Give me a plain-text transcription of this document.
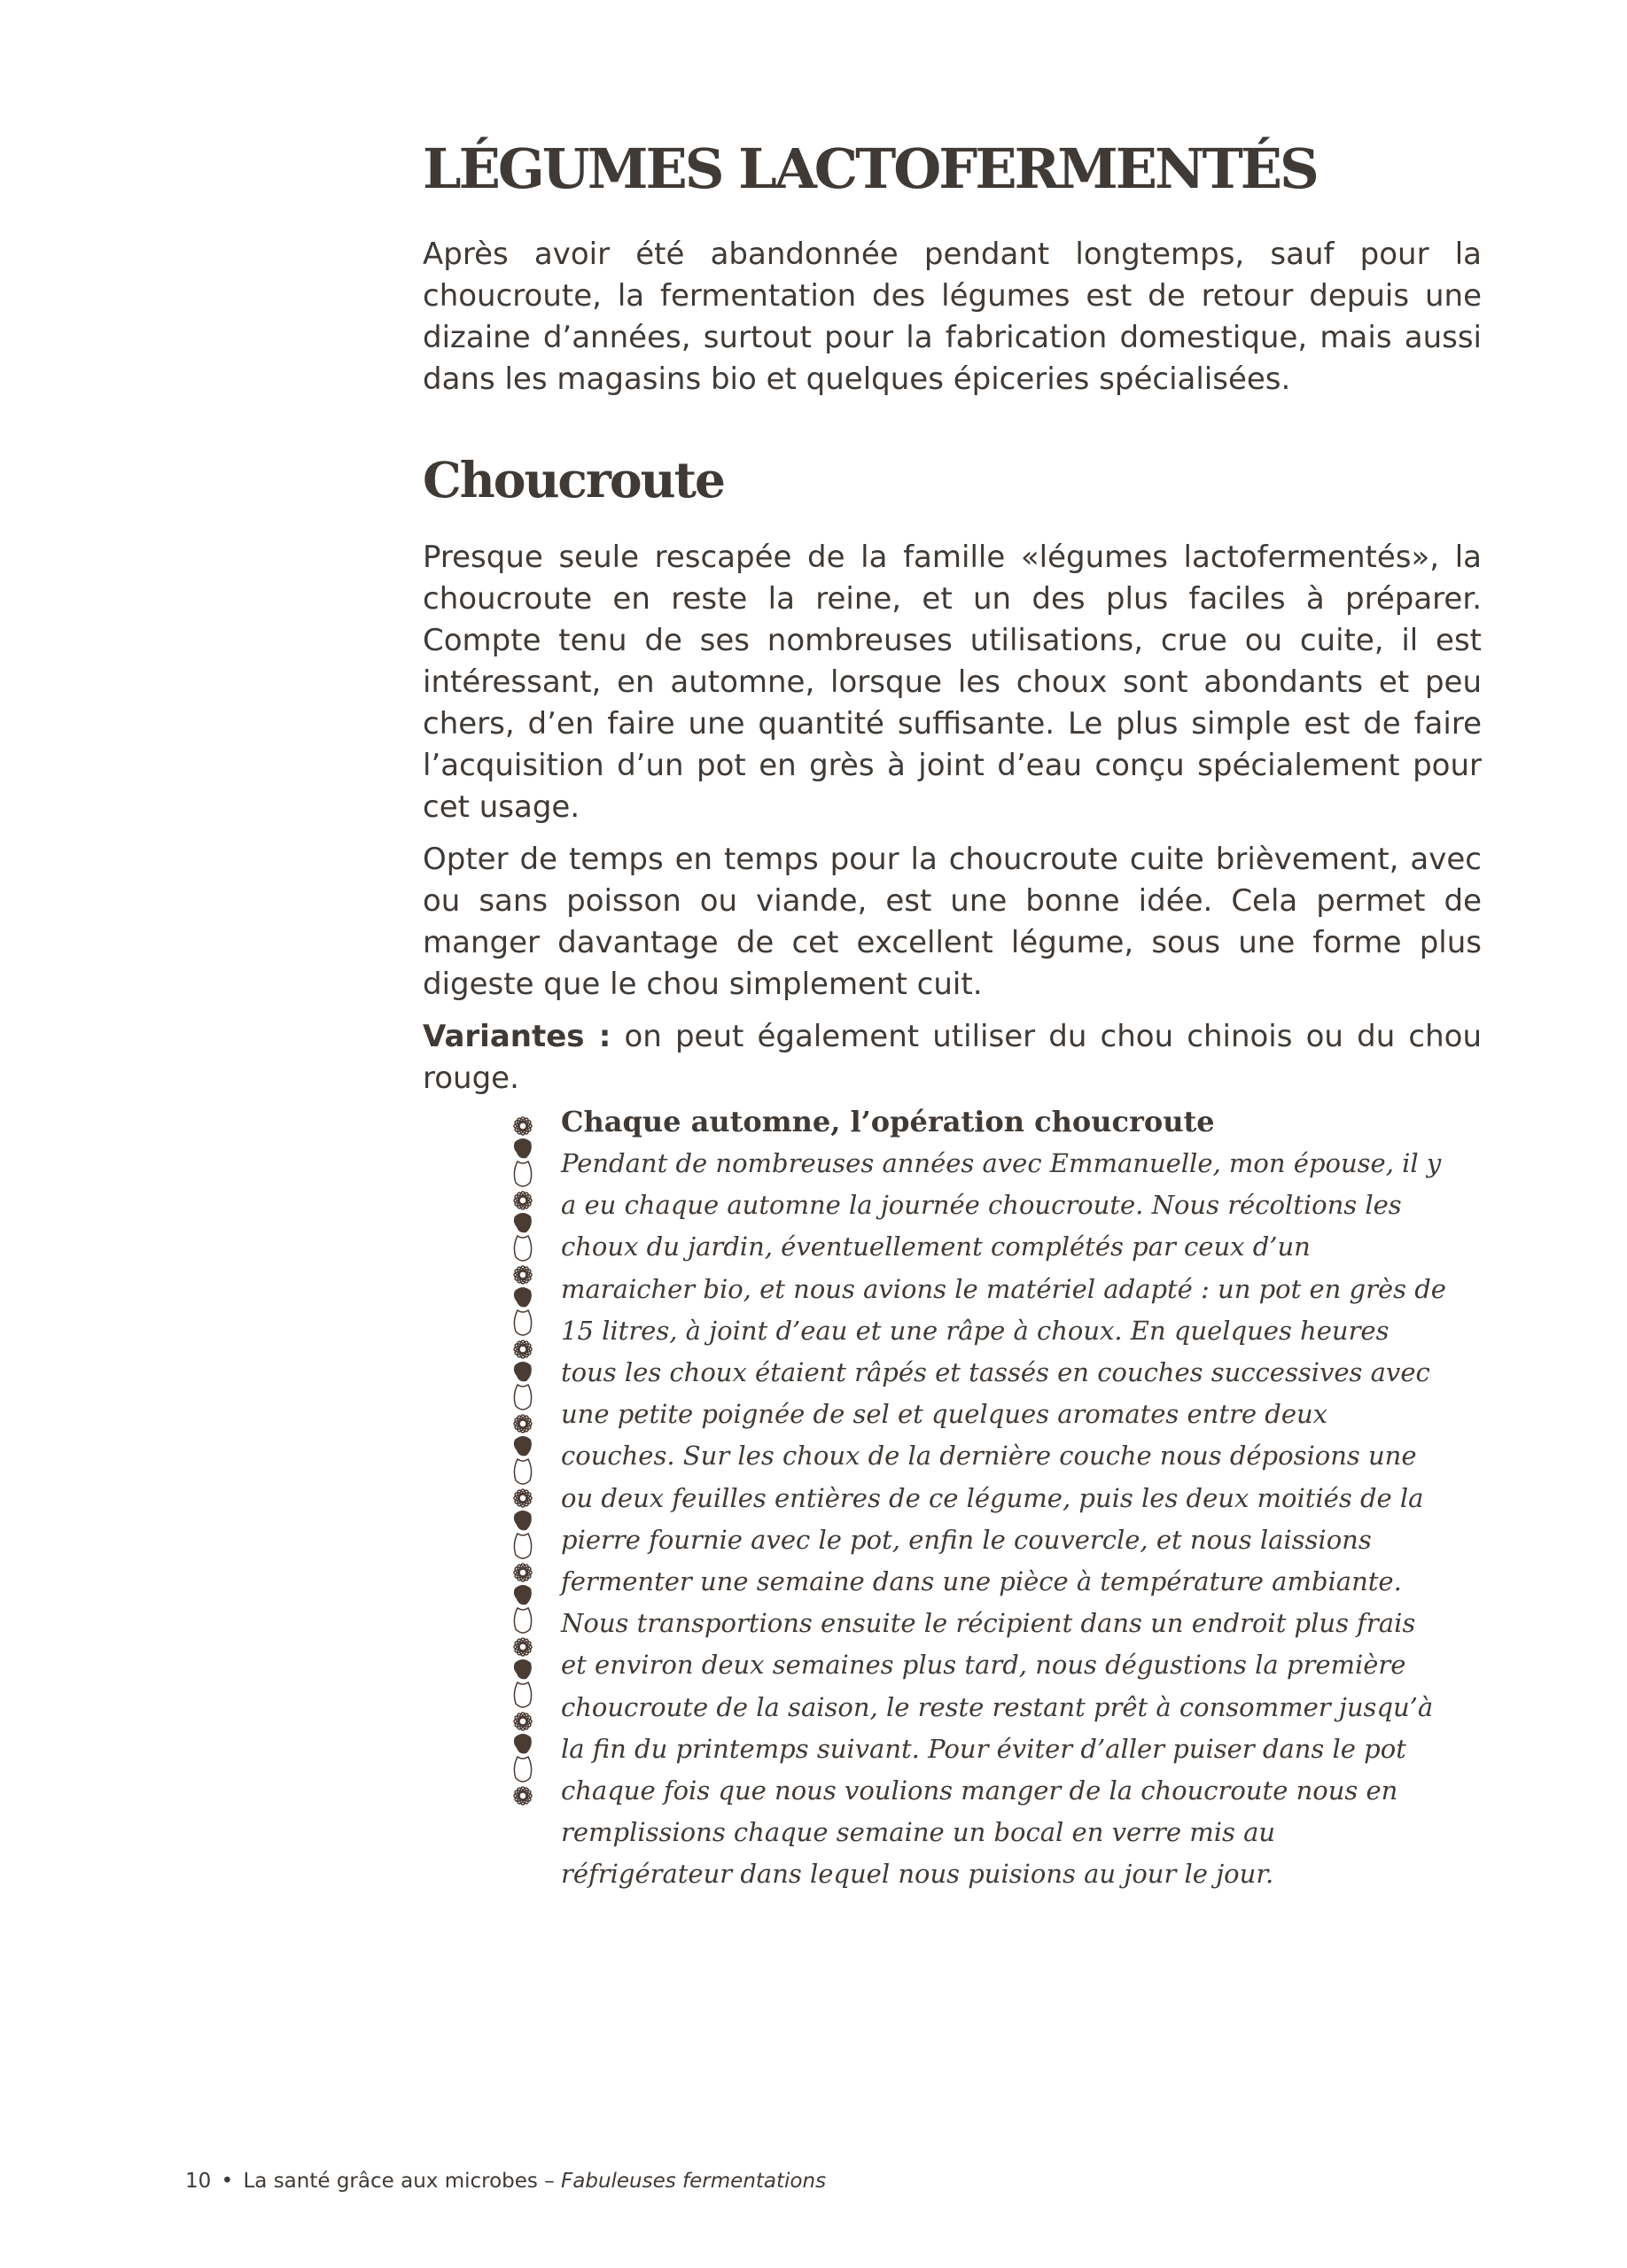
LÉGUMES LACTOFERMENTÉS

Après avoir été abandonnée pendant longtemps, sauf pour la choucroute, la fermentation des légumes est de retour depuis une dizaine d’années, surtout pour la fabrication domestique, mais aussi dans les magasins bio et quelques épiceries spécialisées.

Choucroute

Presque seule rescapée de la famille «légumes lactofermentés», la choucroute en reste la reine, et un des plus faciles à préparer. Compte tenu de ses nombreuses utilisations, crue ou cuite, il est intéressant, en automne, lorsque les choux sont abondants et peu chers, d’en faire une quantité suffisante. Le plus simple est de faire l’acquisition d’un pot en grès à joint d’eau conçu spécialement pour cet usage.

Opter de temps en temps pour la choucroute cuite brièvement, avec ou sans poisson ou viande, est une bonne idée. Cela permet de manger davantage de cet excellent légume, sous une forme plus digeste que le chou simplement cuit.

Variantes : on peut également utiliser du chou chinois ou du chou rouge.

Chaque automne, l’opération choucroute

Pendant de nombreuses années avec Emmanuelle, mon épouse, il y a eu chaque automne la journée choucroute. Nous récoltions les choux du jardin, éventuellement complétés par ceux d’un maraicher bio, et nous avions le matériel adapté : un pot en grès de 15 litres, à joint d’eau et une râpe à choux. En quelques heures tous les choux étaient râpés et tassés en couches successives avec une petite poignée de sel et quelques aromates entre deux couches. Sur les choux de la dernière couche nous déposions une ou deux feuilles entières de ce légume, puis les deux moitiés de la pierre fournie avec le pot, enfin le couvercle, et nous laissions fermenter une semaine dans une pièce à température ambiante. Nous transportions ensuite le récipient dans un endroit plus frais et environ deux semaines plus tard, nous dégustions la première choucroute de la saison, le reste restant prêt à consommer jusqu’à la fin du printemps suivant. Pour éviter d’aller puiser dans le pot chaque fois que nous voulions manger de la choucroute nous en remplissions chaque semaine un bocal en verre mis au réfrigérateur dans lequel nous puisions au jour le jour.

10 • La santé grâce aux microbes – Fabuleuses fermentations
